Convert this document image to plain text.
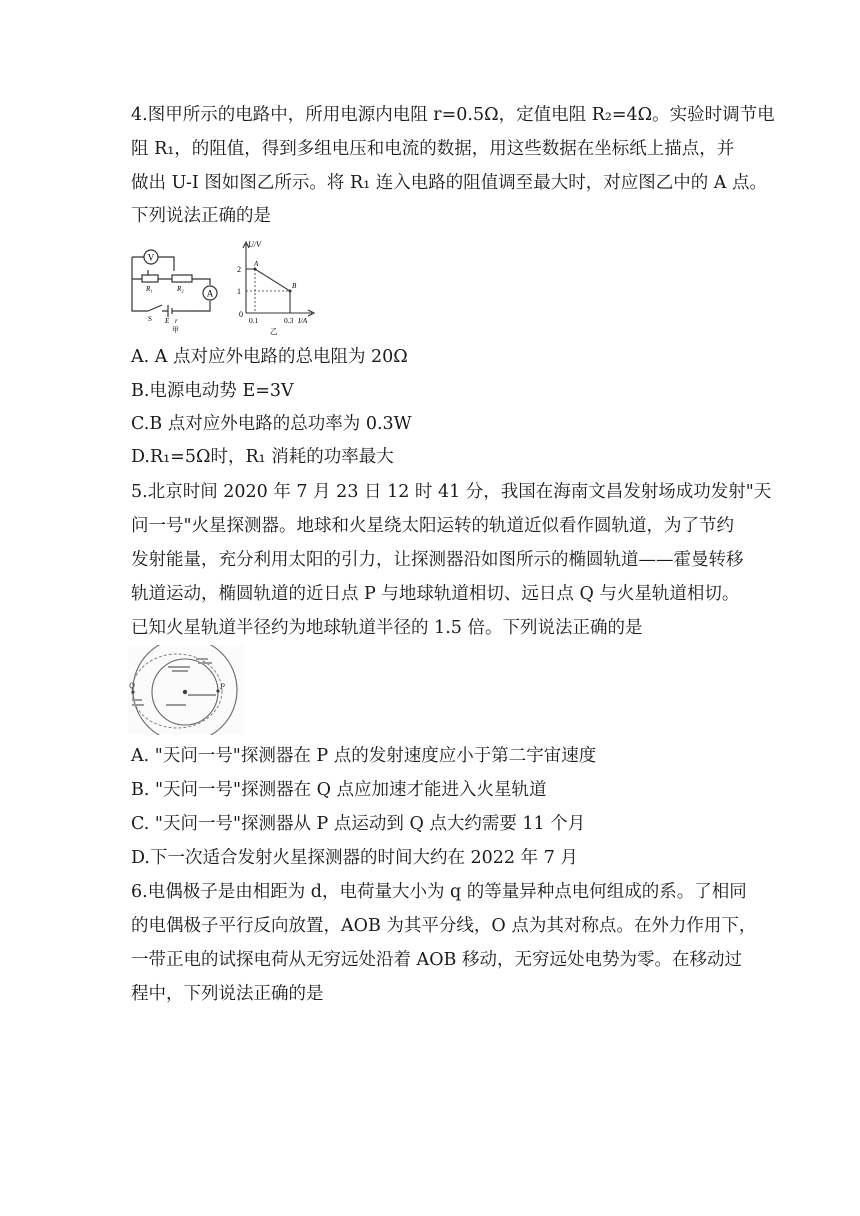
4.图甲所示的电路中，所用电源内电阻 r=0.5Ω，定值电阻 R₂=4Ω。实验时调节电
阻 R₁，的阻值，得到多组电压和电流的数据，用这些数据在坐标纸上描点，并
做出 U-I 图如图乙所示。将 R₁ 连入电路的阻值调至最大时，对应图乙中的 A 点。
下列说法正确的是
V
A
R₁	R₂
S E r
甲
U/V
2
1
0
A
B
0.1	0.3 I/A
乙
A. A 点对应外电路的总电阻为 20Ω
B.电源电动势 E=3V
C.B 点对应外电路的总功率为 0.3W
D.R₁=5Ω时，R₁ 消耗的功率最大
5.北京时间 2020 年 7 月 23 日 12 时 41 分，我国在海南文昌发射场成功发射"天
问一号"火星探测器。地球和火星绕太阳运转的轨道近似看作圆轨道，为了节约
发射能量，充分利用太阳的引力，让探测器沿如图所示的椭圆轨道——霍曼转移
轨道运动，椭圆轨道的近日点 P 与地球轨道相切、远日点 Q 与火星轨道相切。
已知火星轨道半径约为地球轨道半径的 1.5 倍。下列说法正确的是
P
Q
A. "天问一号"探测器在 P 点的发射速度应小于第二宇宙速度
B. "天问一号"探测器在 Q 点应加速才能进入火星轨道
C. "天问一号"探测器从 P 点运动到 Q 点大约需要 11 个月
D.下一次适合发射火星探测器的时间大约在 2022 年 7 月
6.电偶极子是由相距为 d，电荷量大小为 q 的等量异种点电何组成的系。了相同
的电偶极子平行反向放置，AOB 为其平分线，O 点为其对称点。在外力作用下，
一带正电的试探电荷从无穷远处沿着 AOB 移动，无穷远处电势为零。在移动过
程中，下列说法正确的是
